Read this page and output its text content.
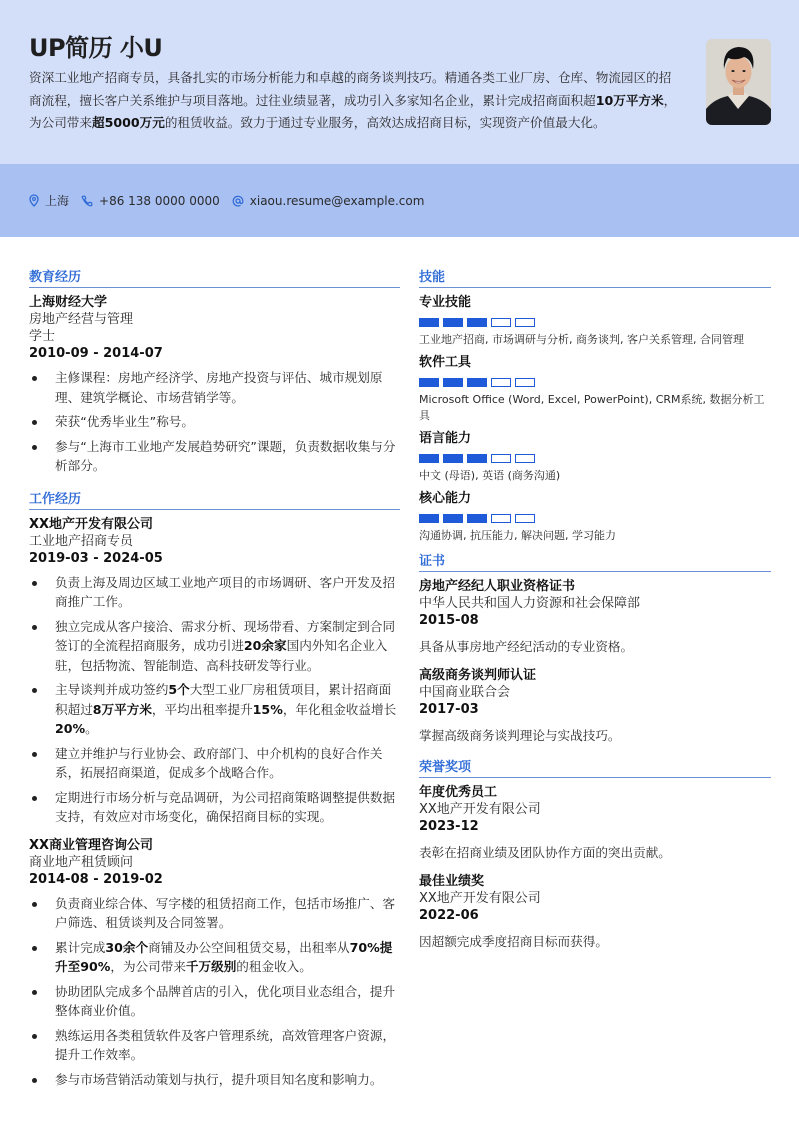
UP简历 小U
资深工业地产招商专员，具备扎实的市场分析能力和卓越的商务谈判技巧。精通各类工业厂房、仓库、物流园区的招商流程，擅长客户关系维护与项目落地。过往业绩显著，成功引入多家知名企业，累计完成招商面积超10万平方米，为公司带来超5000万元的租赁收益。致力于通过专业服务，高效达成招商目标，实现资产价值最大化。
上海	+86 138 0000 0000	xiaou.resume@example.com
教育经历
上海财经大学
房地产经营与管理
学士
2010-09 - 2014-07
主修课程：房地产经济学、房地产投资与评估、城市规划原理、建筑学概论、市场营销学等。
荣获“优秀毕业生”称号。
参与“上海市工业地产发展趋势研究”课题，负责数据收集与分析部分。
工作经历
XX地产开发有限公司
工业地产招商专员
2019-03 - 2024-05
负责上海及周边区域工业地产项目的市场调研、客户开发及招商推广工作。
独立完成从客户接洽、需求分析、现场带看、方案制定到合同签订的全流程招商服务，成功引进20余家国内外知名企业入驻，包括物流、智能制造、高科技研发等行业。
主导谈判并成功签约5个大型工业厂房租赁项目，累计招商面积超过8万平方米，平均出租率提升15%，年化租金收益增长20%。
建立并维护与行业协会、政府部门、中介机构的良好合作关系，拓展招商渠道，促成多个战略合作。
定期进行市场分析与竞品调研，为公司招商策略调整提供数据支持，有效应对市场变化，确保招商目标的实现。
XX商业管理咨询公司
商业地产租赁顾问
2014-08 - 2019-02
负责商业综合体、写字楼的租赁招商工作，包括市场推广、客户筛选、租赁谈判及合同签署。
累计完成30余个商铺及办公空间租赁交易，出租率从70%提升至90%，为公司带来千万级别的租金收入。
协助团队完成多个品牌首店的引入，优化项目业态组合，提升整体商业价值。
熟练运用各类租赁软件及客户管理系统，高效管理客户资源，提升工作效率。
参与市场营销活动策划与执行，提升项目知名度和影响力。
技能
专业技能
工业地产招商, 市场调研与分析, 商务谈判, 客户关系管理, 合同管理
软件工具
Microsoft Office (Word, Excel, PowerPoint), CRM系统, 数据分析工具
语言能力
中文 (母语), 英语 (商务沟通)
核心能力
沟通协调, 抗压能力, 解决问题, 学习能力
证书
房地产经纪人职业资格证书
中华人民共和国人力资源和社会保障部
2015-08
具备从事房地产经纪活动的专业资格。
高级商务谈判师认证
中国商业联合会
2017-03
掌握高级商务谈判理论与实战技巧。
荣誉奖项
年度优秀员工
XX地产开发有限公司
2023-12
表彰在招商业绩及团队协作方面的突出贡献。
最佳业绩奖
XX地产开发有限公司
2022-06
因超额完成季度招商目标而获得。
